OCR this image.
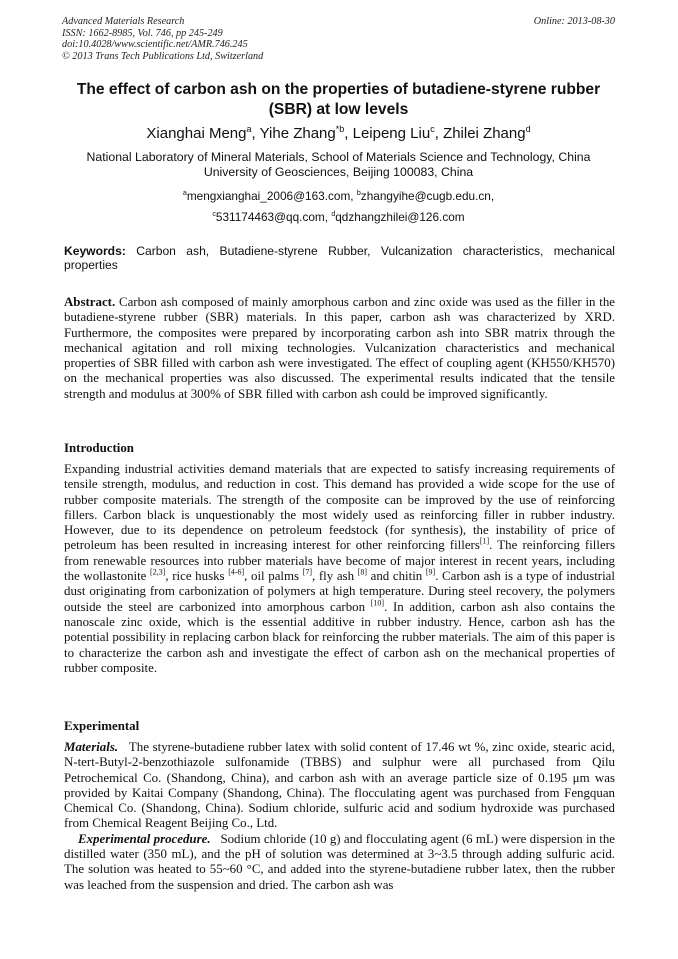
Advanced Materials Research
ISSN: 1662-8985, Vol. 746, pp 245-249
doi:10.4028/www.scientific.net/AMR.746.245
© 2013 Trans Tech Publications Ltd, Switzerland
Online: 2013-08-30
The effect of carbon ash on the properties of butadiene-styrene rubber (SBR) at low levels
Xianghai Meng$^a$, Yihe Zhang$^{*b}$, Leipeng Liu$^c$, Zhilei Zhang$^d$
National Laboratory of Mineral Materials, School of Materials Science and Technology, China University of Geosciences, Beijing 100083, China
$^a$mengxianghai_2006@163.com, $^b$zhangyihe@cugb.edu.cn,
$^c$531174463@qq.com, $^d$qdzhangzhilei@126.com
Keywords: Carbon ash, Butadiene-styrene Rubber, Vulcanization characteristics, mechanical properties

Abstract. Carbon ash composed of mainly amorphous carbon and zinc oxide was used as the filler in the butadiene-styrene rubber (SBR) materials. In this paper, carbon ash was characterized by XRD. Furthermore, the composites were prepared by incorporating carbon ash into SBR matrix through the mechanical agitation and roll mixing technologies. Vulcanization characteristics and mechanical properties of SBR filled with carbon ash were investigated. The effect of coupling agent (KH550/KH570) on the mechanical properties was also discussed. The experimental results indicated that the tensile strength and modulus at 300% of SBR filled with carbon ash could be improved significantly.

Introduction

Expanding industrial activities demand materials that are expected to satisfy increasing requirements of tensile strength, modulus, and reduction in cost. This demand has provided a wide scope for the use of rubber composite materials. The strength of the composite can be improved by the use of reinforcing fillers. Carbon black is unquestionably the most widely used as reinforcing filler in rubber industry. However, due to its dependence on petroleum feedstock (for synthesis), the instability of price of petroleum has been resulted in increasing interest for other reinforcing fillers[1]. The reinforcing fillers from renewable resources into rubber materials have become of major interest in recent years, including the wollastonite [2,3], rice husks [4-6], oil palms [7], fly ash [8] and chitin [9]. Carbon ash is a type of industrial dust originating from carbonization of polymers at high temperature. During steel recovery, the polymers outside the steel are carbonized into amorphous carbon [10]. In addition, carbon ash also contains the nanoscale zinc oxide, which is the essential additive in rubber industry. Hence, carbon ash has the potential possibility in replacing carbon black for reinforcing the rubber materials. The aim of this paper is to characterize the carbon ash and investigate the effect of carbon ash on the mechanical properties of rubber composite.

Experimental

Materials. The styrene-butadiene rubber latex with solid content of 17.46 wt %, zinc oxide, stearic acid, N-tert-Butyl-2-benzothiazole sulfonamide (TBBS) and sulphur were all purchased from Qilu Petrochemical Co. (Shandong, China), and carbon ash with an average particle size of 0.195 μm was provided by Kaitai Company (Shandong, China). The flocculating agent was purchased from Fengquan Chemical Co. (Shandong, China). Sodium chloride, sulfuric acid and sodium hydroxide was purchased from Chemical Reagent Beijing Co., Ltd.

Experimental procedure. Sodium chloride (10 g) and flocculating agent (6 mL) were dispersion in the distilled water (350 mL), and the pH of solution was determined at 3~3.5 through adding sulfuric acid. The solution was heated to 55~60 °C, and added into the styrene-butadiene rubber latex, then the rubber was leached from the suspension and dried. The carbon ash was
